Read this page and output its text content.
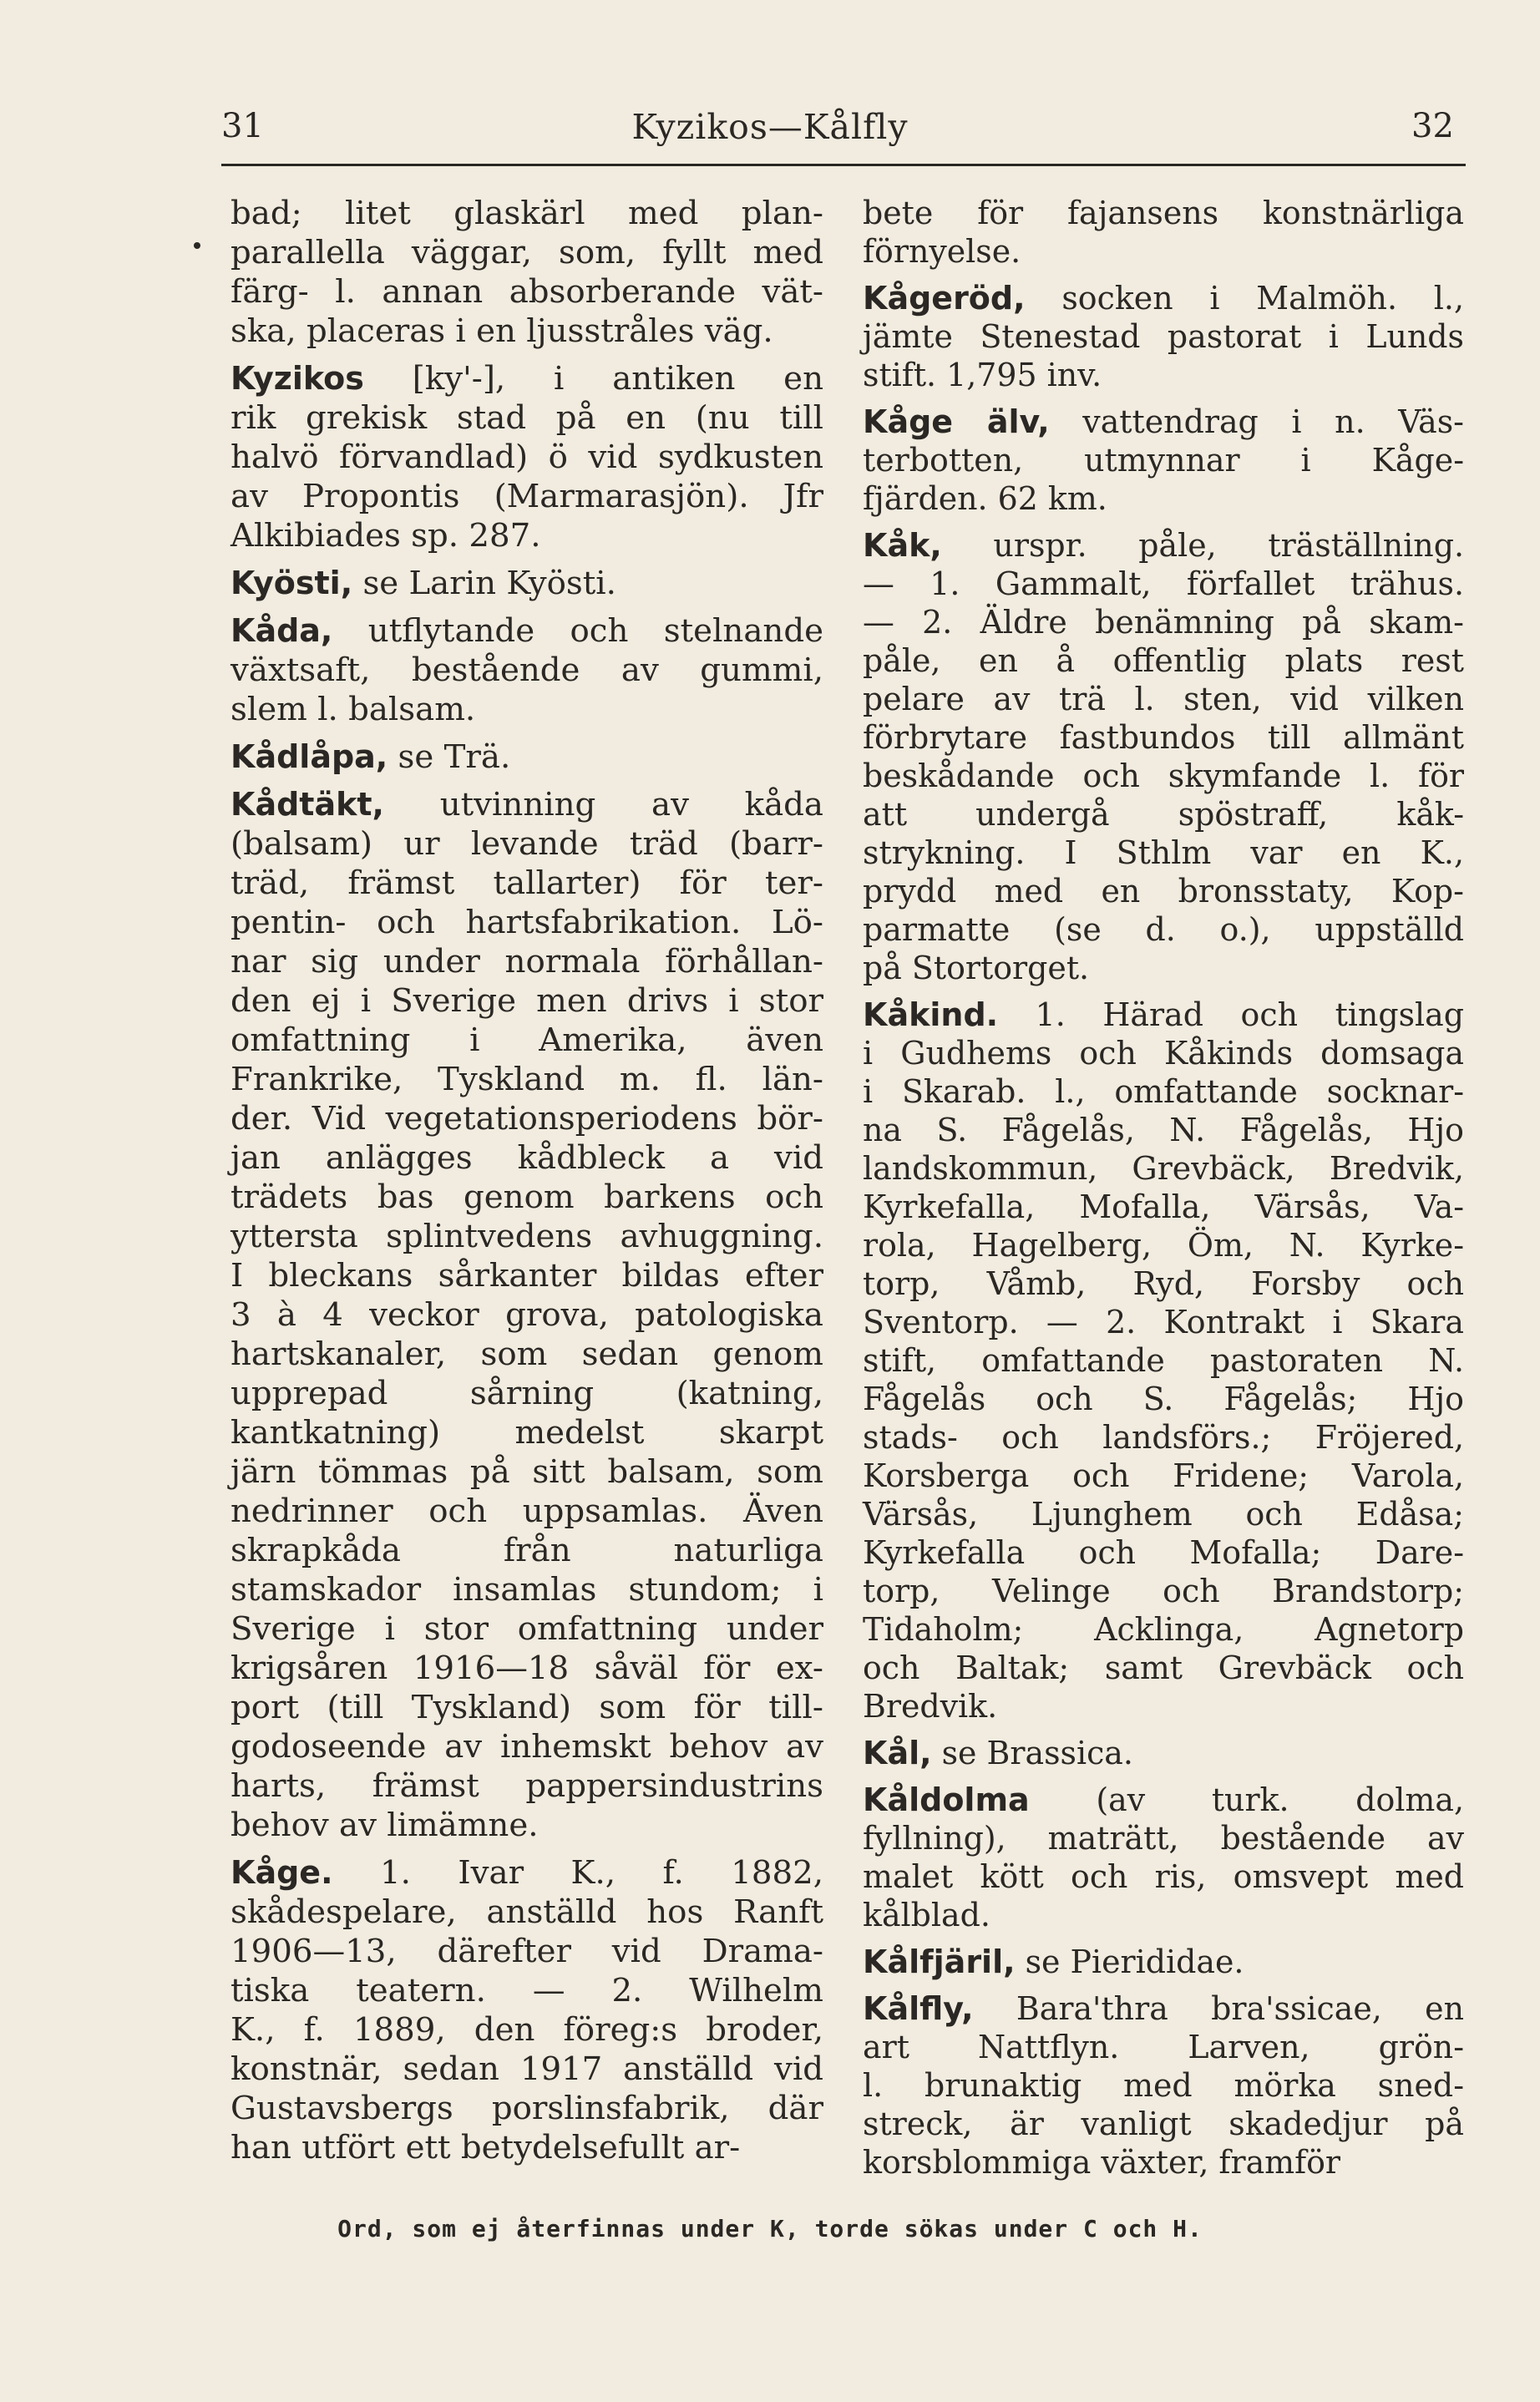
31	Kyzikos—Kålfly	32
bad; litet glaskärl med plan-
parallella väggar, som, fyllt med
färg- l. annan absorberande vät-
ska, placeras i en ljusstråles väg.
Kyzikos [ky'-], i antiken en
rik grekisk stad på en (nu till
halvö förvandlad) ö vid sydkusten
av Propontis (Marmarasjön). Jfr
Alkibiades sp. 287.
Kyösti, se Larin Kyösti.
Kåda, utflytande och stelnande
växtsaft, bestående av gummi,
slem l. balsam.
Kådlåpa, se Trä.
Kådtäkt, utvinning av kåda
(balsam) ur levande träd (barr-
träd, främst tallarter) för ter-
pentin- och hartsfabrikation. Lö-
nar sig under normala förhållan-
den ej i Sverige men drivs i stor
omfattning i Amerika, även
Frankrike, Tyskland m. fl. län-
der. Vid vegetationsperiodens bör-
jan anlägges kådbleck a vid
trädets bas genom barkens och
yttersta splintvedens avhuggning.
I bleckans sårkanter bildas efter
3 à 4 veckor grova, patologiska
hartskanaler, som sedan genom
upprepad sårning (katning,
kantkatning) medelst skarpt
järn tömmas på sitt balsam, som
nedrinner och uppsamlas. Även
skrapkåda från naturliga
stamskador insamlas stundom; i
Sverige i stor omfattning under
krigsåren 1916—18 såväl för ex-
port (till Tyskland) som för till-
godoseende av inhemskt behov av
harts, främst pappersindustrins
behov av limämne.
Kåge. 1. Ivar K., f. 1882,
skådespelare, anställd hos Ranft
1906—13, därefter vid Drama-
tiska teatern. — 2. Wilhelm
K., f. 1889, den föreg:s broder,
konstnär, sedan 1917 anställd vid
Gustavsbergs porslinsfabrik, där
han utfört ett betydelsefullt ar-
bete för fajansens konstnärliga
förnyelse.
Kågeröd, socken i Malmöh. l.,
jämte Stenestad pastorat i Lunds
stift. 1,795 inv.
Kåge älv, vattendrag i n. Väs-
terbotten, utmynnar i Kåge-
fjärden. 62 km.
Kåk, urspr. påle, träställning.
— 1. Gammalt, förfallet trähus.
— 2. Äldre benämning på skam-
påle, en å offentlig plats rest
pelare av trä l. sten, vid vilken
förbrytare fastbundos till allmänt
beskådande och skymfande l. för
att undergå spöstraff, kåk-
strykning. I Sthlm var en K.,
prydd med en bronsstaty, Kop-
parmatte (se d. o.), uppställd
på Stortorget.
Kåkind. 1. Härad och tingslag
i Gudhems och Kåkinds domsaga
i Skarab. l., omfattande socknar-
na S. Fågelås, N. Fågelås, Hjo
landskommun, Grevbäck, Bredvik,
Kyrkefalla, Mofalla, Värsås, Va-
rola, Hagelberg, Öm, N. Kyrke-
torp, Våmb, Ryd, Forsby och
Sventorp. — 2. Kontrakt i Skara
stift, omfattande pastoraten N.
Fågelås och S. Fågelås; Hjo
stads- och landsförs.; Fröjered,
Korsberga och Fridene; Varola,
Värsås, Ljunghem och Edåsa;
Kyrkefalla och Mofalla; Dare-
torp, Velinge och Brandstorp;
Tidaholm; Acklinga, Agnetorp
och Baltak; samt Grevbäck och
Bredvik.
Kål, se Brassica.
Kåldolma (av turk. dolma,
fyllning), maträtt, bestående av
malet kött och ris, omsvept med
kålblad.
Kålfjäril, se Pierididae.
Kålfly, Bara'thra bra'ssicae, en
art Nattflyn. Larven, grön-
l. brunaktig med mörka sned-
streck, är vanligt skadedjur på
korsblommiga växter, framför
Ord, som ej återfinnas under K, torde sökas under C och H.
